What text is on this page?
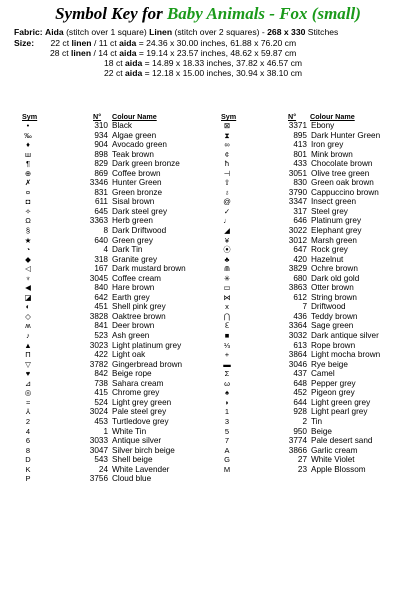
Symbol Key for Baby Animals - Fox (small)
Fabric: Aida (stitch over 1 square) Linen (stitch over 2 squares) - 268 x 330 Stitches
Size: 22 ct linen / 11 ct aida = 24.36 x 30.00 inches, 61.88 x 76.20 cm
28 ct linen / 14 ct aida = 19.14 x 23.57 inches, 48.62 x 59.87 cm
18 ct aida = 14.89 x 18.33 inches, 37.82 x 46.57 cm
22 ct aida = 12.18 x 15.00 inches, 30.94 x 38.10 cm
Sym	N° Colour Name	Sym	N° Colour Name
•	310 Black
‰	934 Algae green
♦	904 Avocado green
ш	898 Teak brown
¶	829 Dark green bronze
⊕	869 Coffee brown
✗	3346 Hunter Green
¤	831 Green bronze
◘	611 Sisal brown
✧	645 Dark steel grey
Ω	3363 Herb green
§	8 Dark Driftwood
★	640 Green grey
◔	4 Dark Tin
◆	318 Granite grey
◁	167 Dark mustard brown
♆	3045 Coffee cream
◀	840 Hare brown
◪	642 Earth grey
◐	451 Shell pink grey
◇	3828 Oaktree brown
ʍ	841 Deer brown
♪	523 Ash green
▲	3023 Light platinum grey
Π	422 Light oak
▽	3782 Gingerbread brown
♥	842 Beige rope
⊿	738 Sahara cream
◎	415 Chrome grey
≈	524 Light grey green
⅄	3024 Pale steel grey
2	453 Turtledove grey
4	1 White Tin
6	3033 Antique silver
8	3047 Silver birch beige
D	543 Shell beige
K	24 White Lavender
P	3756 Cloud blue
⊠	3371 Ebony
⧗	895 Dark Hunter Green
∞	413 Iron grey
¢	801 Mink brown
ħ	433 Chocolate brown
⊣	3051 Olive tree green
⇧	830 Green oak brown
♁	3790 Cappuccino brown
@	3347 Insect green
✓	317 Steel grey
♩	646 Platinum grey
◢	3022 Elephant grey
¥	3012 Marsh green
⦿	647 Rock grey
♣	420 Hazelnut
⋒	3829 Ochre brown
✳	680 Dark old gold
▭	3863 Otter brown
⋈	612 String brown
x	7 Driftwood
⋂	436 Teddy brown
ℇ	3364 Sage green
■	3032 Dark antique silver
⅓	613 Rope brown
+	3864 Light mocha brown
▬	3046 Rye beige
Σ	437 Camel
ω	648 Pepper grey
♠	452 Pigeon grey
◗	644 Light green grey
1	928 Light pearl grey
3	2 Tin
5	950 Beige
7	3774 Pale desert sand
A	3866 Garlic cream
G	27 White Violet
M	23 Apple Blossom
